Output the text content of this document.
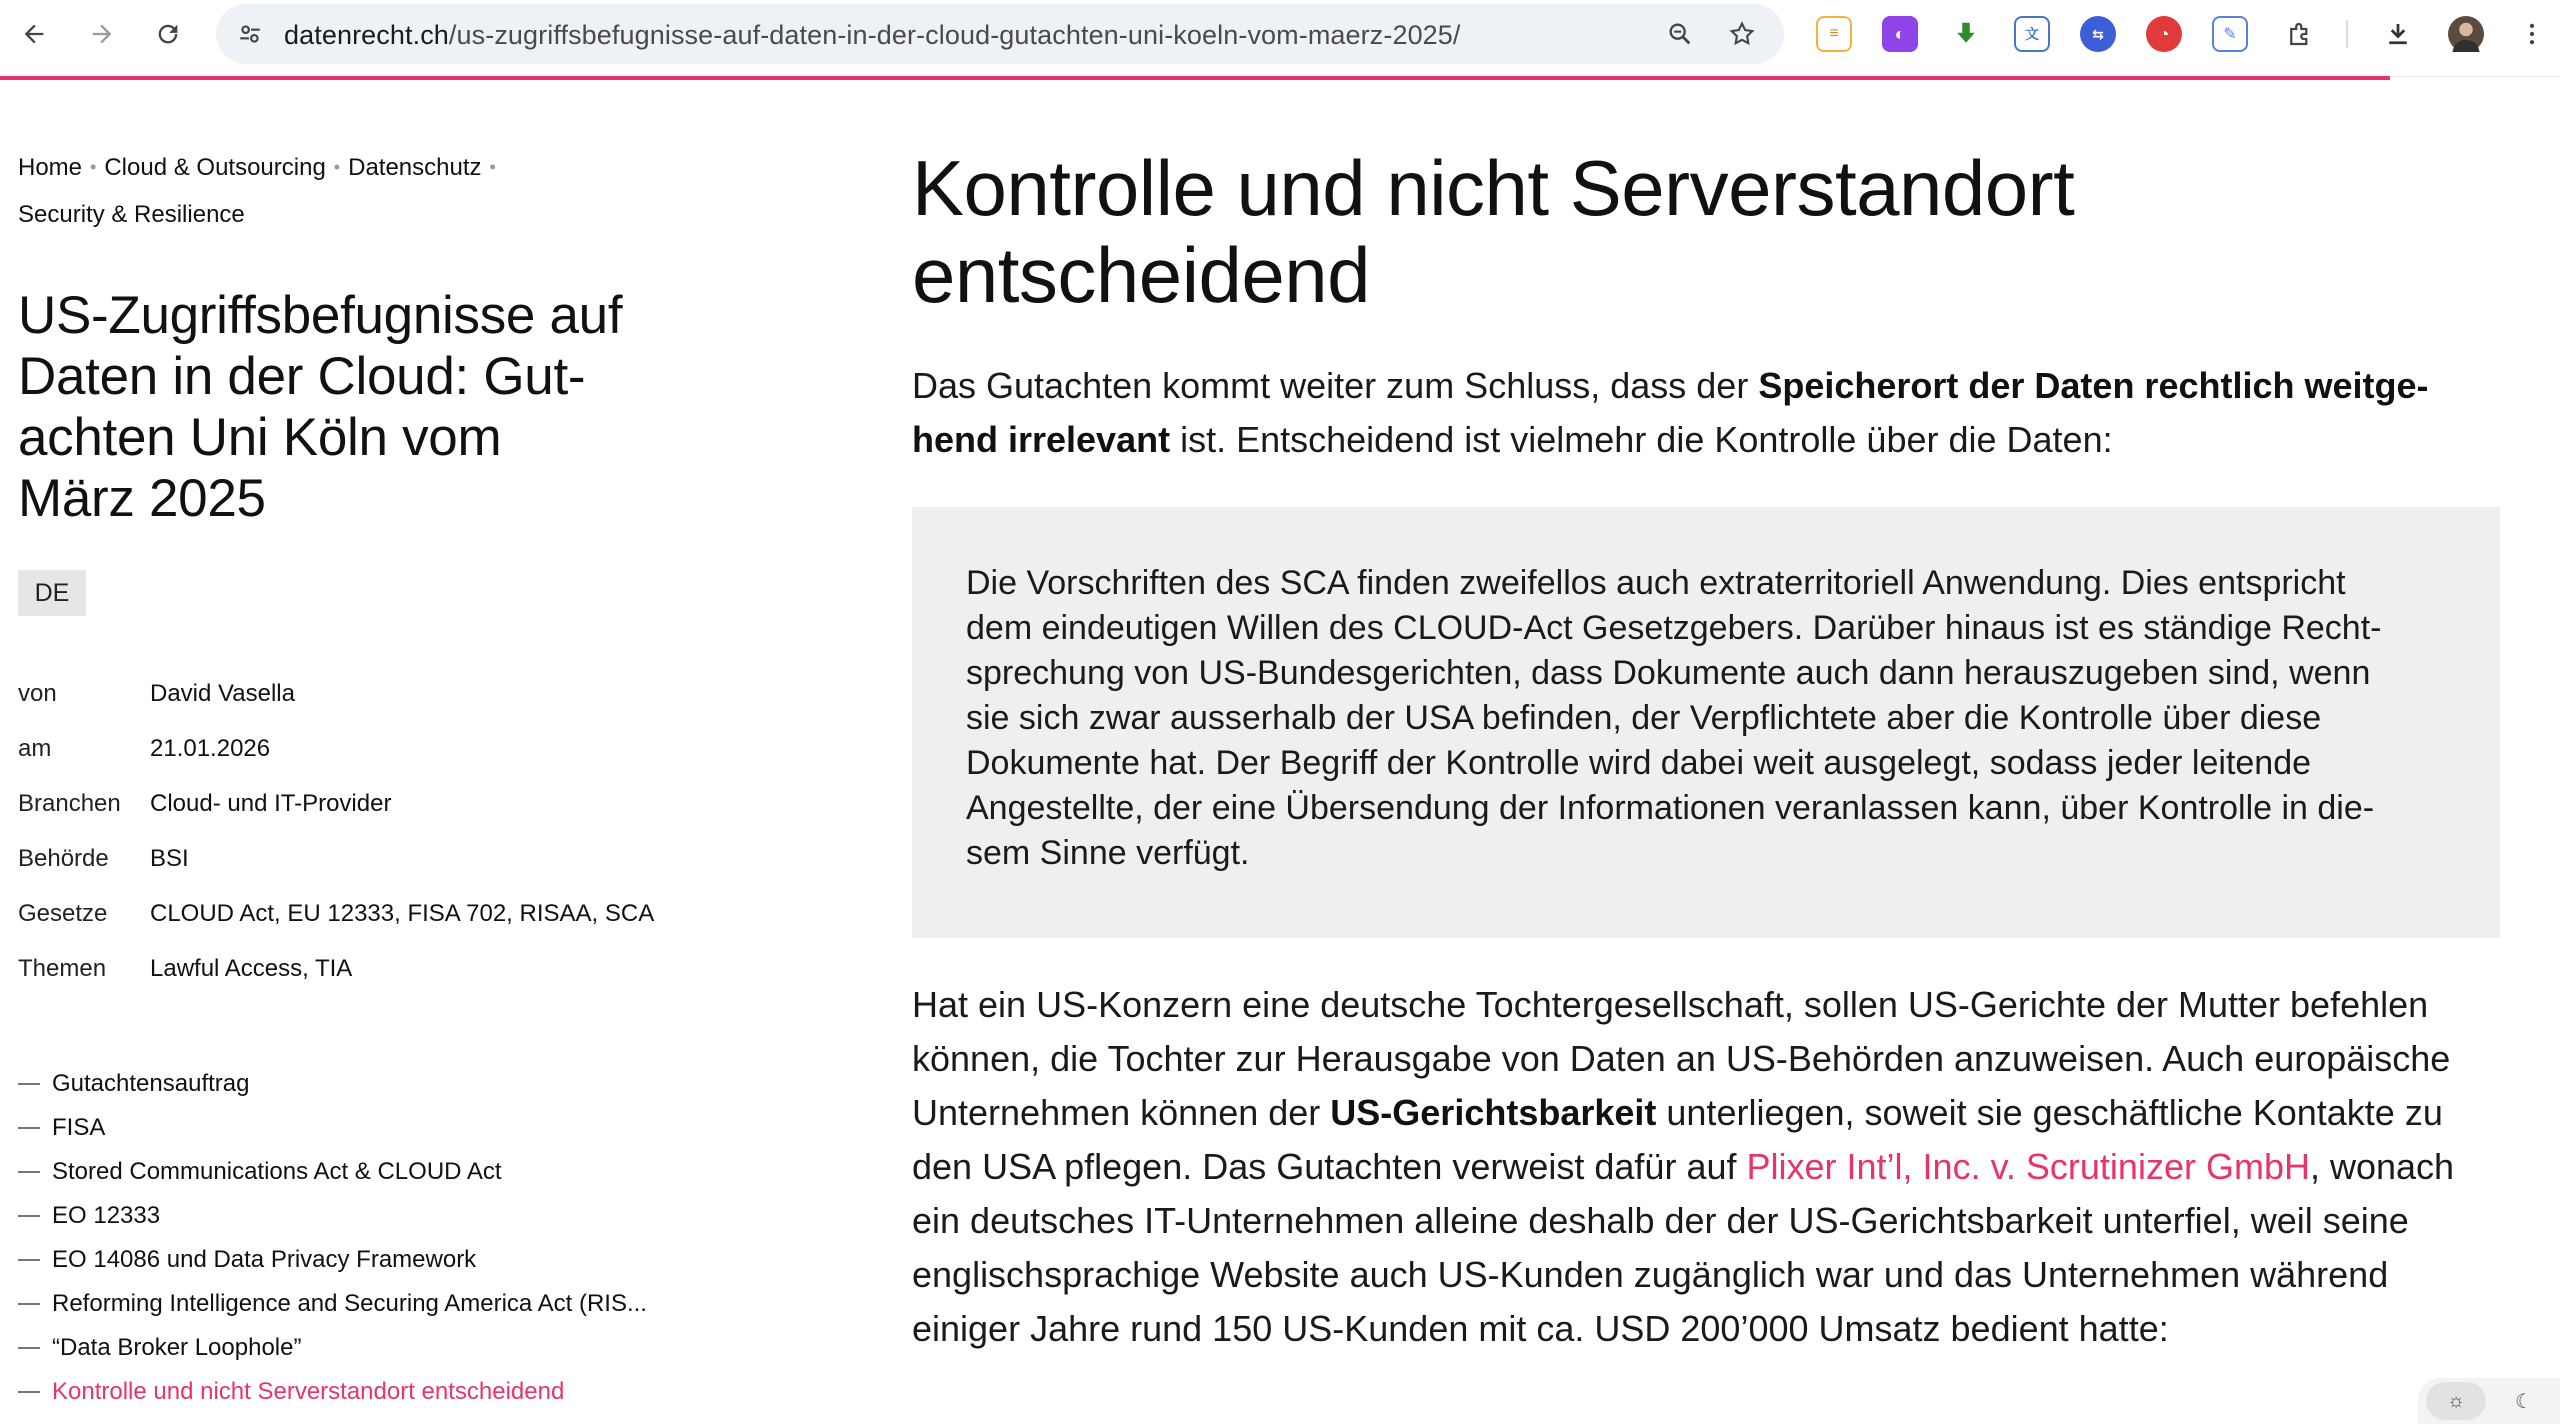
datenrecht.ch/us-zugriffsbefugnisse-auf-daten-in-der-cloud-gutachten-uni-koeln-vom-maerz-2025/	≡	◐	文	⇆	◔	✎
Home • Cloud & Outsourcing • Datenschutz •
Security & Resilience
US-Zugriffsbefugnisse auf
Daten in der Cloud: Gut-
achten Uni Köln vom
März 2025
DE
von	David Vasella
am	21.01.2026
Branchen	Cloud- und IT-Provider
Behörde	BSI
Gesetze	CLOUD Act, EU 12333, FISA 702, RISAA, SCA
Themen	Lawful Access, TIA
Gutachtensauftrag
FISA
Stored Communications Act & CLOUD Act
EO 12333
EO 14086 und Data Privacy Framework
Reforming Intelligence and Securing America Act (RIS...
“Data Broker Loophole”
Kontrolle und nicht Serverstandort entscheidend
Kontrolle und nicht Serverstandort
entscheidend

Das Gutachten kommt weiter zum Schluss, dass der Speicherort der Daten rechtlich weitgehend irrelevant ist. Entscheidend ist vielmehr die Kontrolle über die Daten:

Die Vorschriften des SCA finden zweifellos auch extraterritoriell Anwendung. Dies entspricht dem eindeutigen Willen des CLOUD-Act Gesetzgebers. Darüber hinaus ist es ständige Rechtsprechung von US-Bundesgerichten, dass Dokumente auch dann herauszugeben sind, wenn sie sich zwar ausserhalb der USA befinden, der Verpflichtete aber die Kontrolle über diese Dokumente hat. Der Begriff der Kontrolle wird dabei weit ausgelegt, sodass jeder leitende Angestellte, der eine Übersendung der Informationen veranlassen kann, über Kontrolle in diesem Sinne verfügt.

Hat ein US-Konzern eine deutsche Tochtergesellschaft, sollen US-Gerichte der Mutter befehlen können, die Tochter zur Herausgabe von Daten an US-Behörden anzuweisen. Auch europäische Unternehmen können der US-Gerichtsbarkeit unterliegen, soweit sie geschäftliche Kontakte zu den USA pflegen. Das Gutachten verweist dafür auf Plixer Int’l, Inc. v. Scrutinizer GmbH, wonach ein deutsches IT-Unternehmen alleine deshalb der der US-Gerichtsbarkeit unterfiel, weil seine englischsprachige Website auch US-Kunden zugänglich war und das Unternehmen während einiger Jahre rund 150 US-Kunden mit ca. USD 200’000 Umsatz bedient hatte:

☼	☾
